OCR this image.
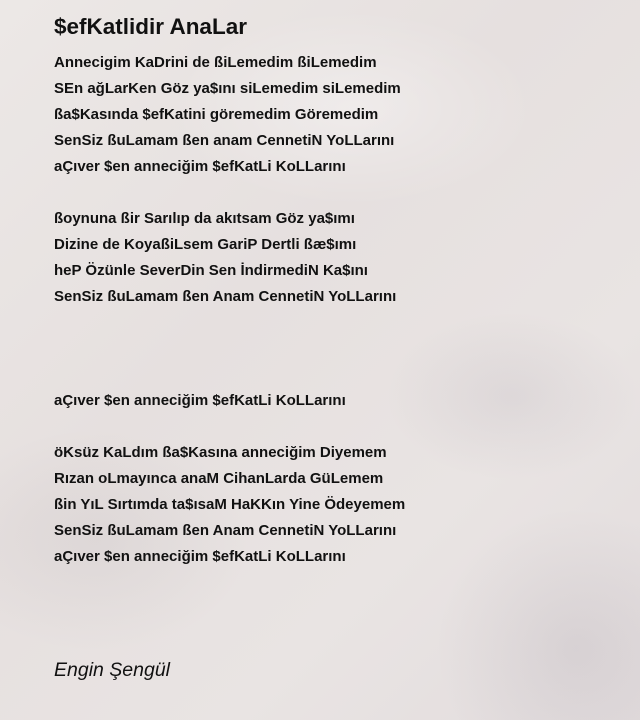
$efKatlidir AnaLar
Annecigim KaDrini de ßiLemedim ßiLemedim
SEn ağLarKen Göz ya$ını siLemedim siLemedim
ßa$Kasında $efKatini göremedim Göremedim
SenSiz ßuLamam ßen anam CennetiN YoLLarını
aÇıver $en anneciğim $efKatLi KoLLarını
ßoynuna ßir Sarılıp da akıtsam Göz ya$ımı
Dizine de KoyaßiLsem GariP Dertli ßæ$ımı
heP Özünle SeverDin Sen İndirmediN Ka$ını
SenSiz ßuLamam ßen Anam CennetiN YoLLarını
aÇıver $en anneciğim $efKatLi KoLLarını
öKsüz KaLdım ßa$Kasına anneciğim Diyemem
Rızan oLmayınca anaM CihanLarda GüLemem
ßin YıL Sırtımda ta$ısaM HaKKın Yine Ödeyemem
SenSiz ßuLamam ßen Anam CennetiN YoLLarını
aÇıver $en anneciğim $efKatLi KoLLarını
Engin Şengül
